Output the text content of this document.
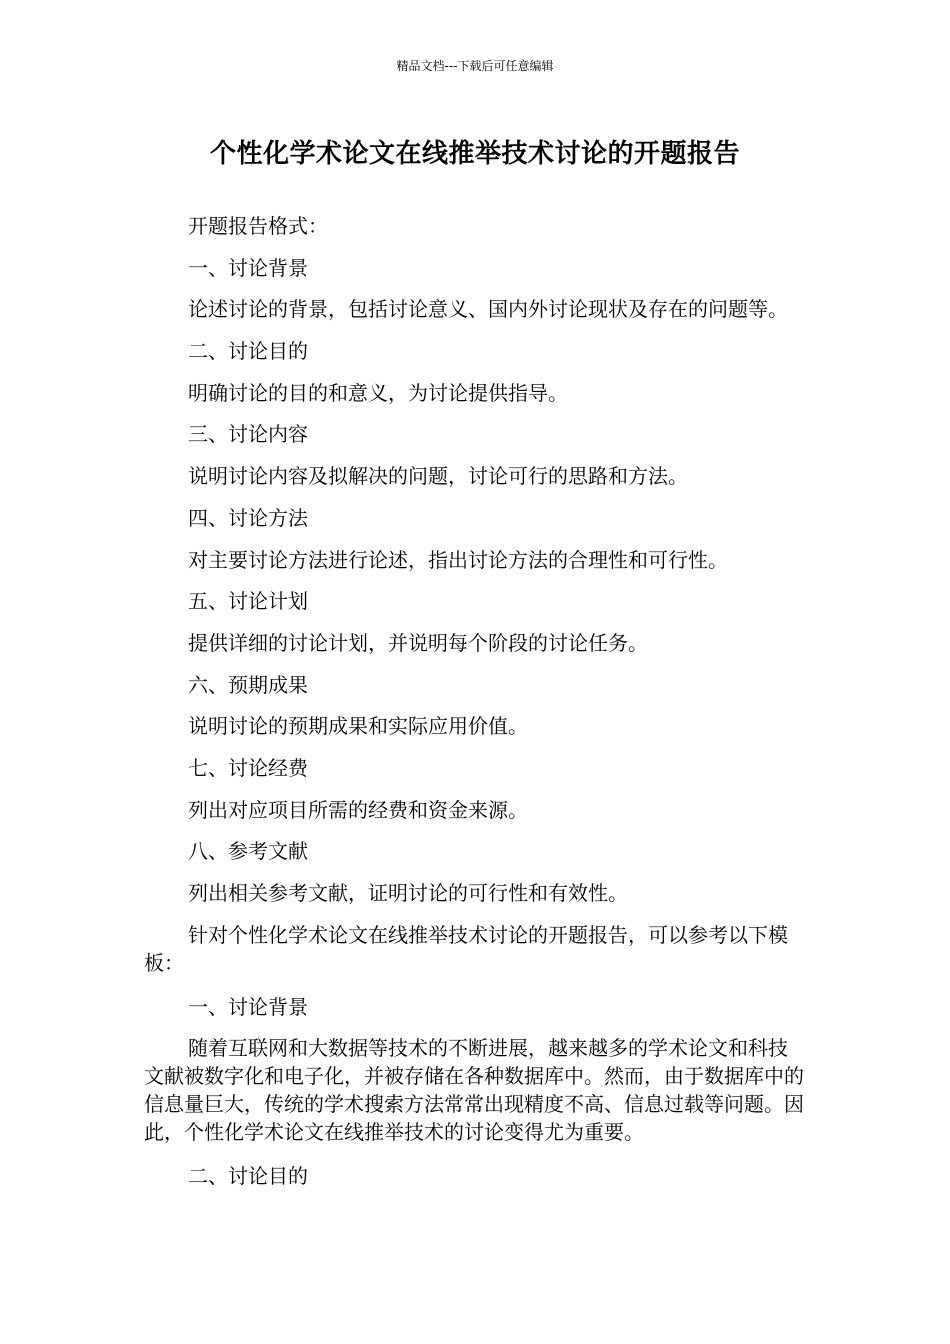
精品文档---下载后可任意编辑
个性化学术论文在线推举技术讨论的开题报告

开题报告格式：

一、讨论背景

论述讨论的背景，包括讨论意义、国内外讨论现状及存在的问题等。

二、讨论目的

明确讨论的目的和意义，为讨论提供指导。

三、讨论内容

说明讨论内容及拟解决的问题，讨论可行的思路和方法。

四、讨论方法

对主要讨论方法进行论述，指出讨论方法的合理性和可行性。

五、讨论计划

提供详细的讨论计划，并说明每个阶段的讨论任务。

六、预期成果

说明讨论的预期成果和实际应用价值。

七、讨论经费

列出对应项目所需的经费和资金来源。

八、参考文献

列出相关参考文献，证明讨论的可行性和有效性。

针对个性化学术论文在线推举技术讨论的开题报告，可以参考以下模板：

一、讨论背景

随着互联网和大数据等技术的不断进展，越来越多的学术论文和科技文献被数字化和电子化，并被存储在各种数据库中。然而，由于数据库中的信息量巨大，传统的学术搜索方法常常出现精度不高、信息过载等问题。因此，个性化学术论文在线推举技术的讨论变得尤为重要。

二、讨论目的
